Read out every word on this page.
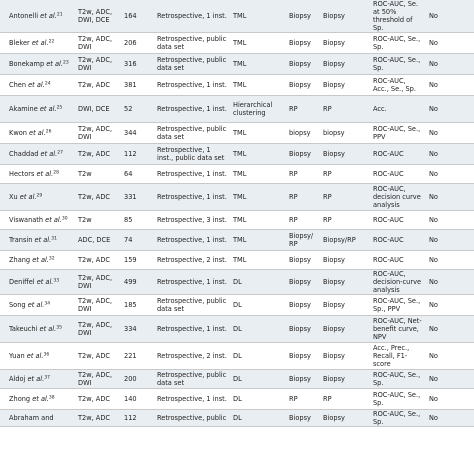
Antonelli et al.$^{21}$	T2w, ADC, DWI, DCE	164	Retrospective, 1 inst.	TML	Biopsy	Biopsy	ROC-AUC, Se. at 50% threshold of Sp.	No
Bleker et al.$^{22}$	T2w, ADC, DWI	206	Retrospective, public data set	TML	Biopsy	Biopsy	ROC-AUC, Se., Sp.	No
Bonekamp et al.$^{23}$	T2w, ADC, DWI	316	Retrospective, public data set	TML	Biopsy	Biopsy	ROC-AUC, Se., Sp.	No
Chen et al.$^{24}$	T2w, ADC	381	Retrospective, 1 inst.	TML	Biopsy	Biopsy	ROC-AUC, Acc., Se., Sp.	No
Akamine et al.$^{25}$	DWI, DCE	52	Retrospective, 1 inst.	Hierarchical clustering	RP	RP	Acc.	No
Kwon et al.$^{26}$	T2w, ADC, DWI	344	Retrospective, public data set	TML	biopsy	biopsy	ROC-AUC, Se., PPV	No
Chaddad et al.$^{27}$	T2w, ADC	112	Retrospective, 1 inst., public data set	TML	Biopsy	Biopsy	ROC-AUC	No
Hectors et al.$^{28}$	T2w	64	Retrospective, 1 inst.	TML	RP	RP	ROC-AUC	No
Xu et al.$^{29}$	T2w, ADC	331	Retrospective, 1 inst.	TML	RP	RP	ROC-AUC, decision curve analysis	No
Viswanath et al.$^{30}$	T2w	85	Retrospective, 3 inst.	TML	RP	RP	ROC-AUC	No
Transin et al.$^{31}$	ADC, DCE	74	Retrospective, 1 inst.	TML	Biopsy/ RP	Biopsy/RP	ROC-AUC	No
Zhang et al.$^{32}$	T2w, ADC	159	Retrospective, 2 inst.	TML	Biopsy	Biopsy	ROC-AUC	No
Deniffel et al.$^{33}$	T2w, ADC, DWI	499	Retrospective, 1 inst.	DL	Biopsy	Biopsy	ROC-AUC, decision-curve analysis	No
Song et al.$^{34}$	T2w, ADC, DWI	185	Retrospective, public data set	DL	Biopsy	Biopsy	ROC-AUC, Se., Sp., PPV	No
Takeuchi et al.$^{35}$	T2w, ADC, DWI	334	Retrospective, 1 inst.	DL	Biopsy	Biopsy	ROC-AUC, Net-benefit curve, NPV	No
Yuan et al.$^{36}$	T2w, ADC	221	Retrospective, 2 inst.	DL	Biopsy	Biopsy	Acc., Prec., Recall, F1-score	No
Aldoj et al.$^{37}$	T2w, ADC, DWI	200	Retrospective, public data set	DL	Biopsy	Biopsy	ROC-AUC, Se., Sp.	No
Zhong et al.$^{38}$	T2w, ADC	140	Retrospective, 1 inst.	DL	RP	RP	ROC-AUC, Se., Sp.	No
Abraham and	T2w, ADC	112	Retrospective, public	DL	Biopsy	Biopsy	ROC-AUC, Se., Sp.	No
